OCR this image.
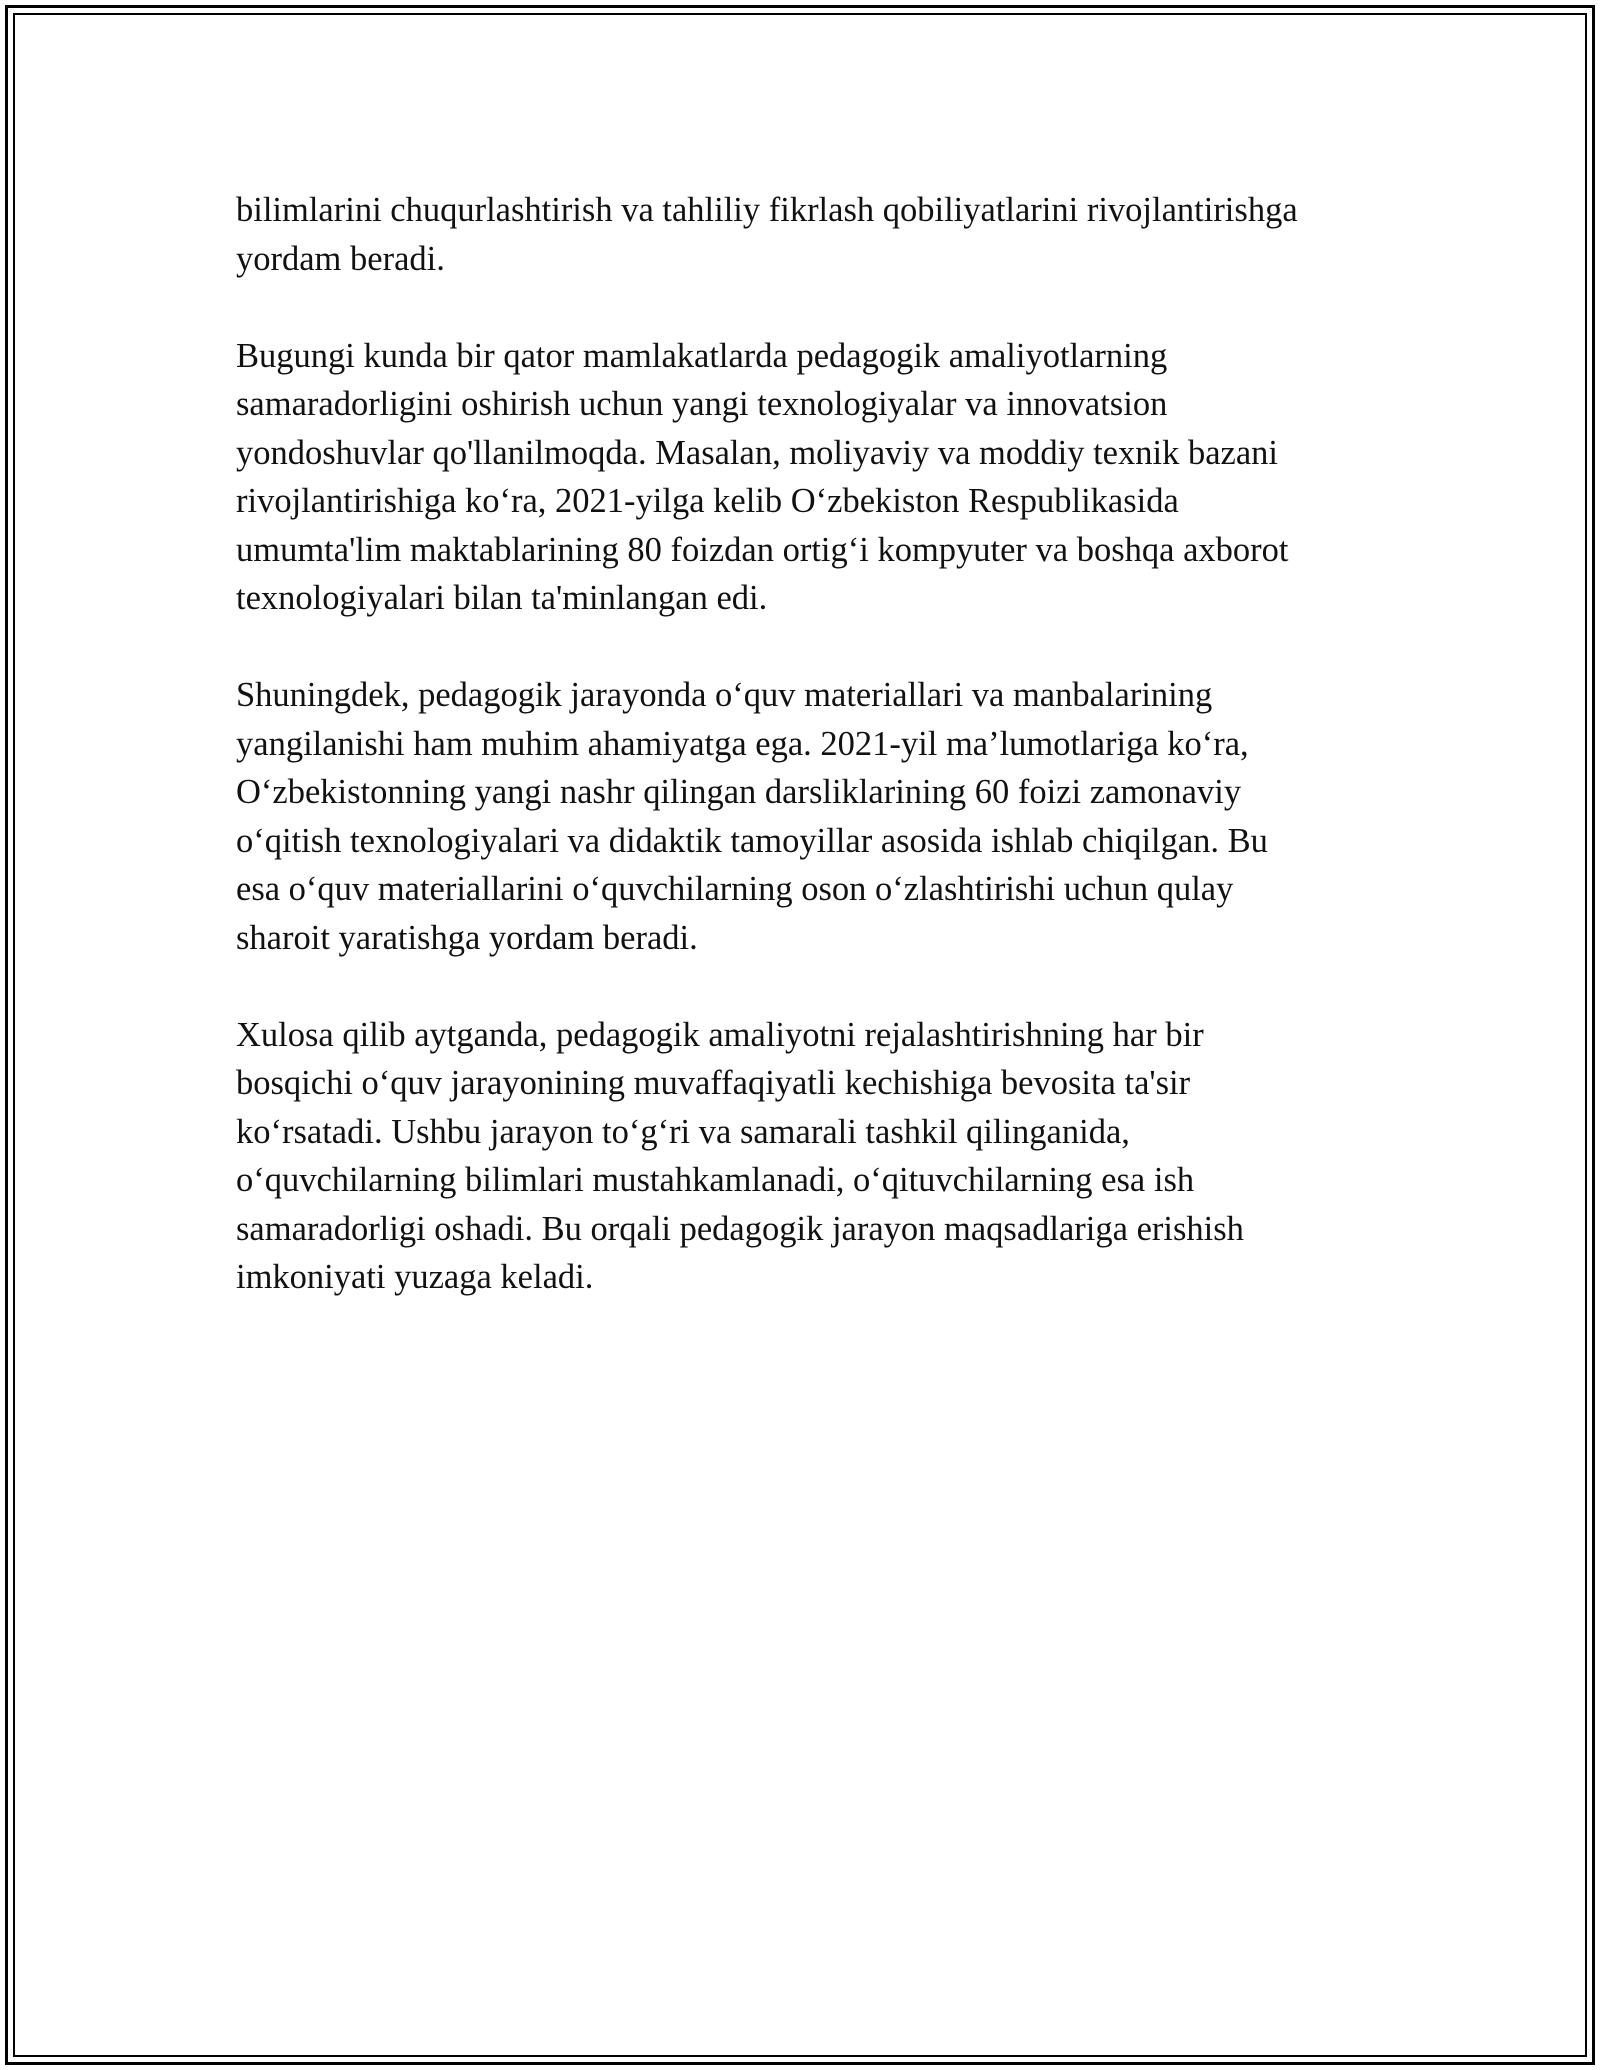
bilimlarini chuqurlashtirish va tahliliy fikrlash qobiliyatlarini rivojlantirishga
yordam beradi.

Bugungi kunda bir qator mamlakatlarda pedagogik amaliyotlarning
samaradorligini oshirish uchun yangi texnologiyalar va innovatsion
yondoshuvlar qo'llanilmoqda. Masalan, moliyaviy va moddiy texnik bazani
rivojlantirishiga ko‘ra, 2021-yilga kelib O‘zbekiston Respublikasida
umumta'lim maktablarining 80 foizdan ortig‘i kompyuter va boshqa axborot
texnologiyalari bilan ta'minlangan edi.

Shuningdek, pedagogik jarayonda o‘quv materiallari va manbalarining
yangilanishi ham muhim ahamiyatga ega. 2021-yil ma’lumotlariga ko‘ra,
O‘zbekistonning yangi nashr qilingan darsliklarining 60 foizi zamonaviy
o‘qitish texnologiyalari va didaktik tamoyillar asosida ishlab chiqilgan. Bu
esa o‘quv materiallarini o‘quvchilarning oson o‘zlashtirishi uchun qulay
sharoit yaratishga yordam beradi.

Xulosa qilib aytganda, pedagogik amaliyotni rejalashtirishning har bir
bosqichi o‘quv jarayonining muvaffaqiyatli kechishiga bevosita ta'sir
ko‘rsatadi. Ushbu jarayon to‘g‘ri va samarali tashkil qilinganida,
o‘quvchilarning bilimlari mustahkamlanadi, o‘qituvchilarning esa ish
samaradorligi oshadi. Bu orqali pedagogik jarayon maqsadlariga erishish
imkoniyati yuzaga keladi.
